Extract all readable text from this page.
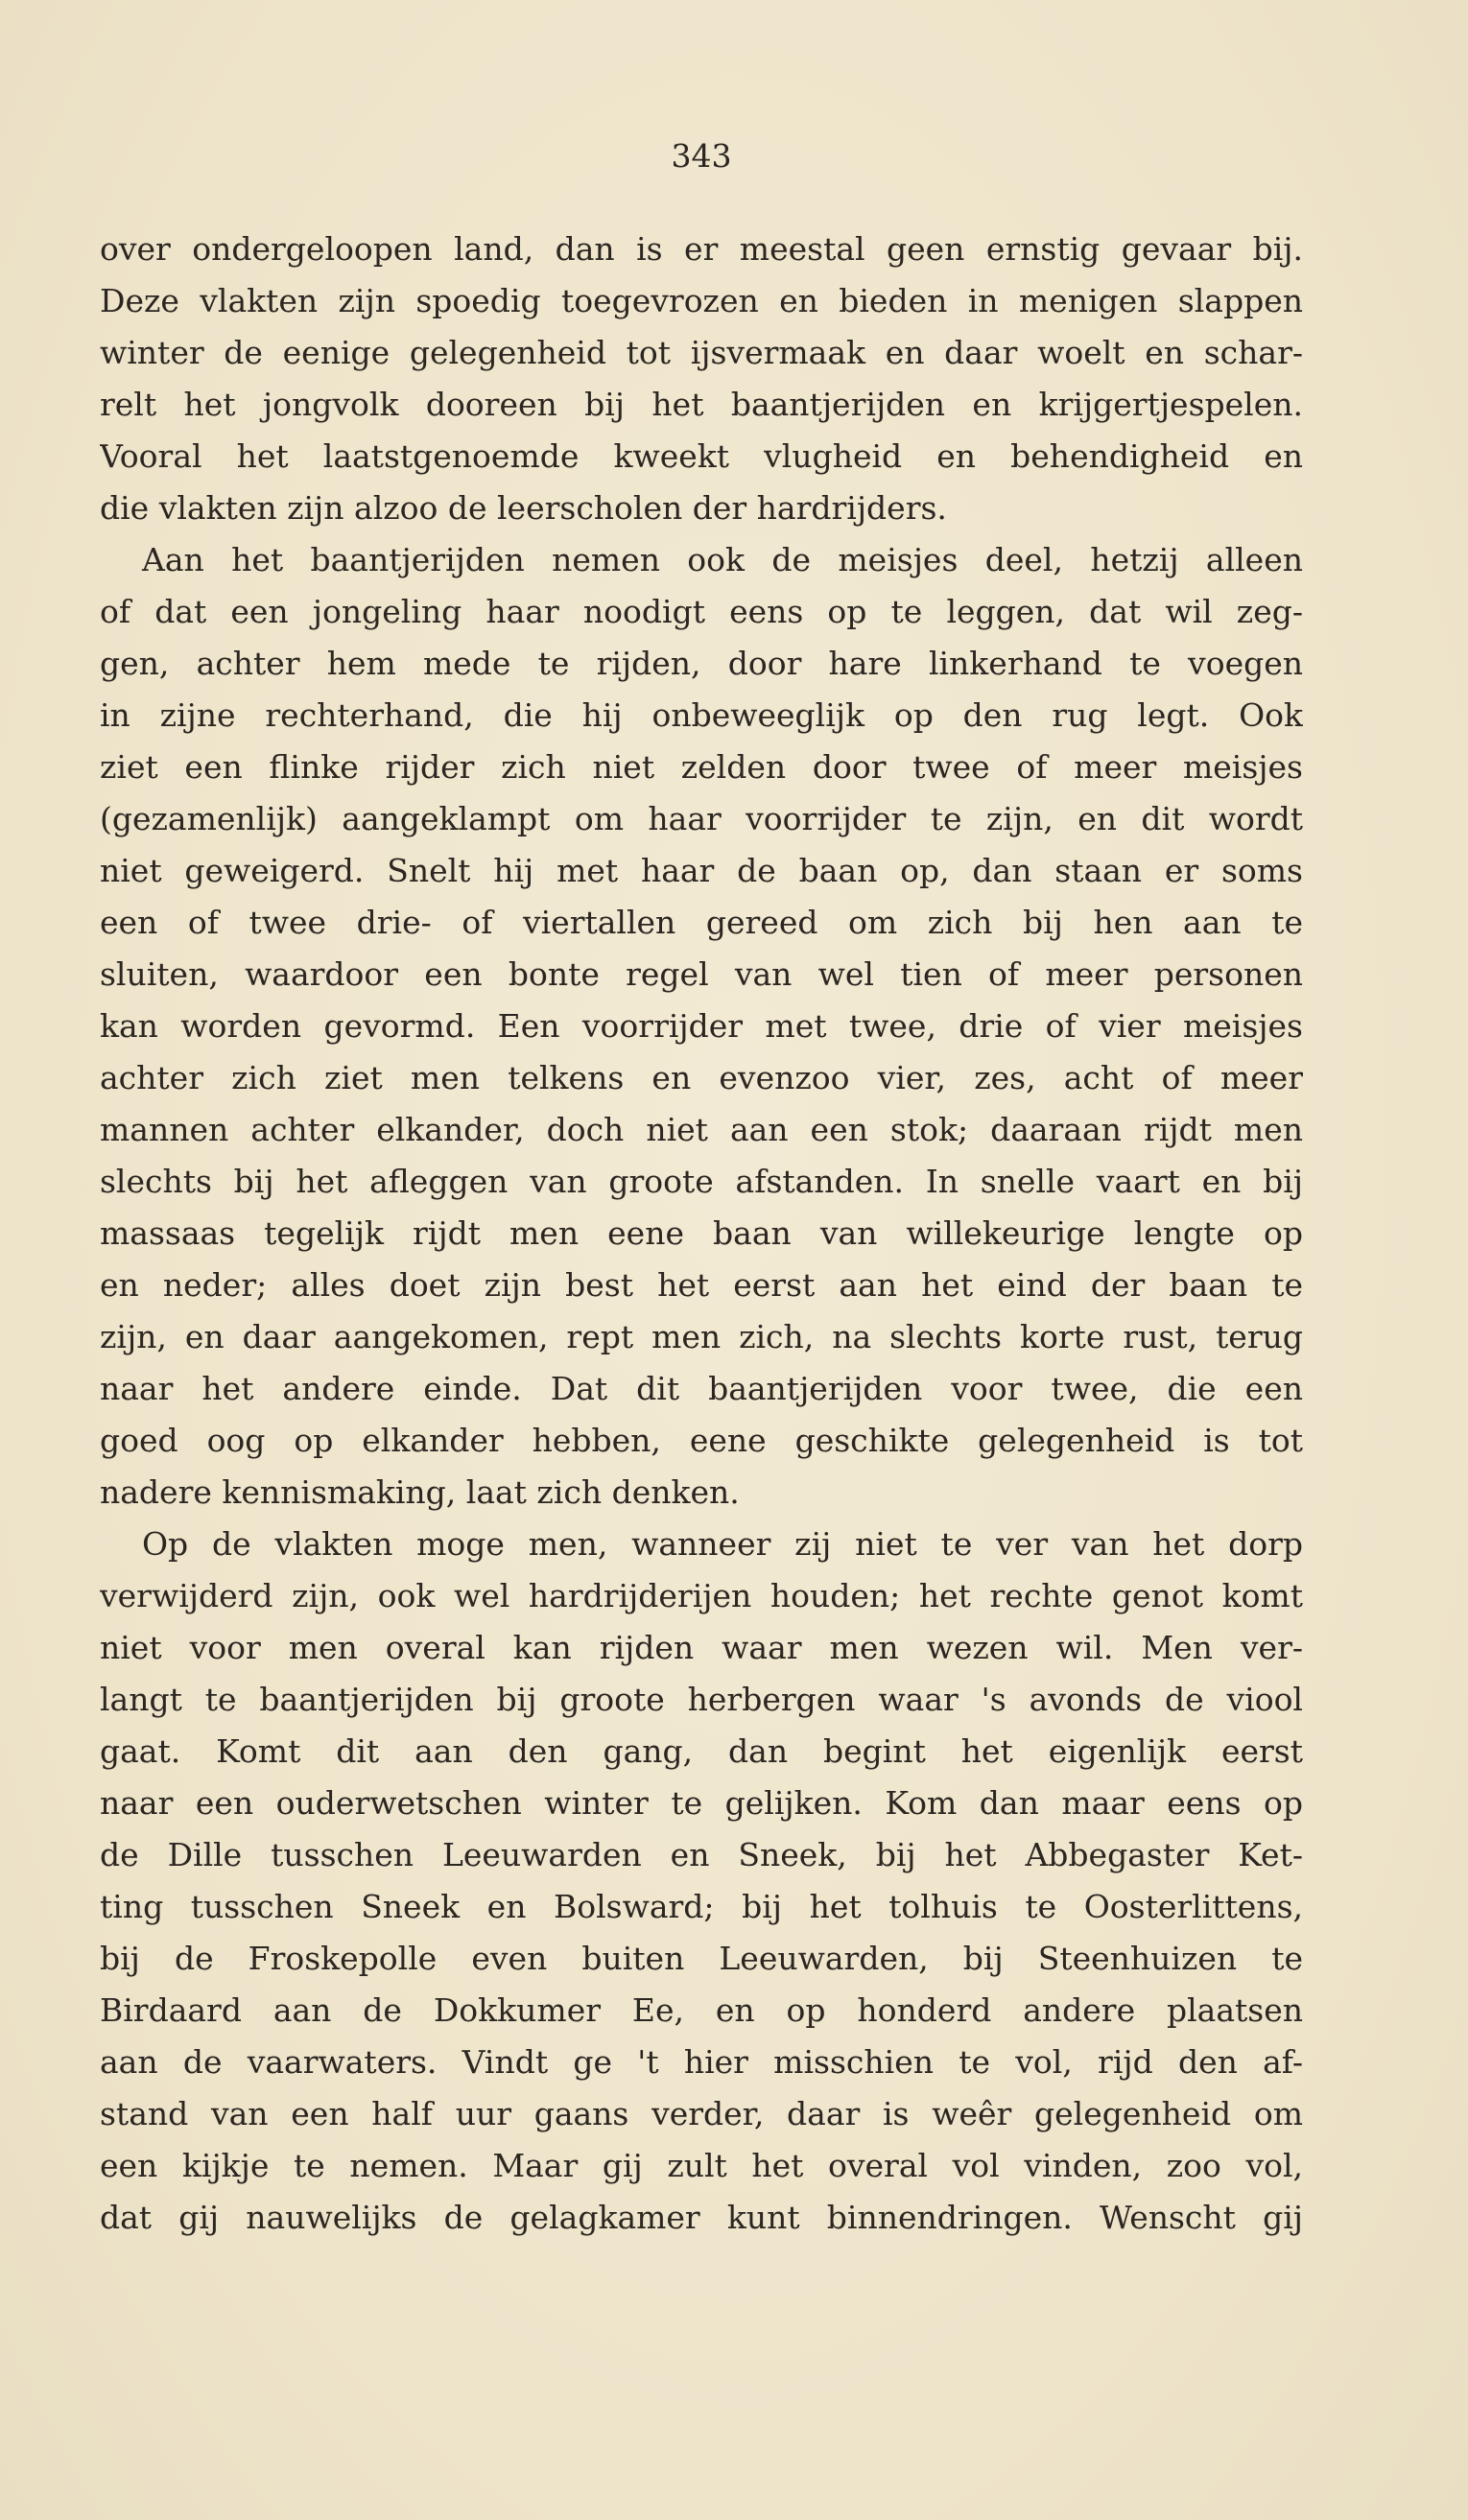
343
over ondergeloopen land, dan is er meestal geen ernstig gevaar bij.
Deze vlakten zijn spoedig toegevrozen en bieden in menigen slappen
winter de eenige gelegenheid tot ijsvermaak en daar woelt en schar-
relt het jongvolk dooreen bij het baantjerijden en krijgertjespelen.
Vooral het laatstgenoemde kweekt vlugheid en behendigheid en
die vlakten zijn alzoo de leerscholen der hardrijders.
Aan het baantjerijden nemen ook de meisjes deel, hetzij alleen
of dat een jongeling haar noodigt eens op te leggen, dat wil zeg-
gen, achter hem mede te rijden, door hare linkerhand te voegen
in zijne rechterhand, die hij onbeweeglijk op den rug legt. Ook
ziet een flinke rijder zich niet zelden door twee of meer meisjes
(gezamenlijk) aangeklampt om haar voorrijder te zijn, en dit wordt
niet geweigerd. Snelt hij met haar de baan op, dan staan er soms
een of twee drie- of viertallen gereed om zich bij hen aan te
sluiten, waardoor een bonte regel van wel tien of meer personen
kan worden gevormd. Een voorrijder met twee, drie of vier meisjes
achter zich ziet men telkens en evenzoo vier, zes, acht of meer
mannen achter elkander, doch niet aan een stok; daaraan rijdt men
slechts bij het afleggen van groote afstanden. In snelle vaart en bij
massaas tegelijk rijdt men eene baan van willekeurige lengte op
en neder; alles doet zijn best het eerst aan het eind der baan te
zijn, en daar aangekomen, rept men zich, na slechts korte rust, terug
naar het andere einde. Dat dit baantjerijden voor twee, die een
goed oog op elkander hebben, eene geschikte gelegenheid is tot
nadere kennismaking, laat zich denken.
Op de vlakten moge men, wanneer zij niet te ver van het dorp
verwijderd zijn, ook wel hardrijderijen houden; het rechte genot komt
niet voor men overal kan rijden waar men wezen wil. Men ver-
langt te baantjerijden bij groote herbergen waar 's avonds de viool
gaat. Komt dit aan den gang, dan begint het eigenlijk eerst
naar een ouderwetschen winter te gelijken. Kom dan maar eens op
de Dille tusschen Leeuwarden en Sneek, bij het Abbegaster Ket-
ting tusschen Sneek en Bolsward; bij het tolhuis te Oosterlittens,
bij de Froskepolle even buiten Leeuwarden, bij Steenhuizen te
Birdaard aan de Dokkumer Ee, en op honderd andere plaatsen
aan de vaarwaters. Vindt ge 't hier misschien te vol, rijd den af-
stand van een half uur gaans verder, daar is weêr gelegenheid om
een kijkje te nemen. Maar gij zult het overal vol vinden, zoo vol,
dat gij nauwelijks de gelagkamer kunt binnendringen. Wenscht gij
